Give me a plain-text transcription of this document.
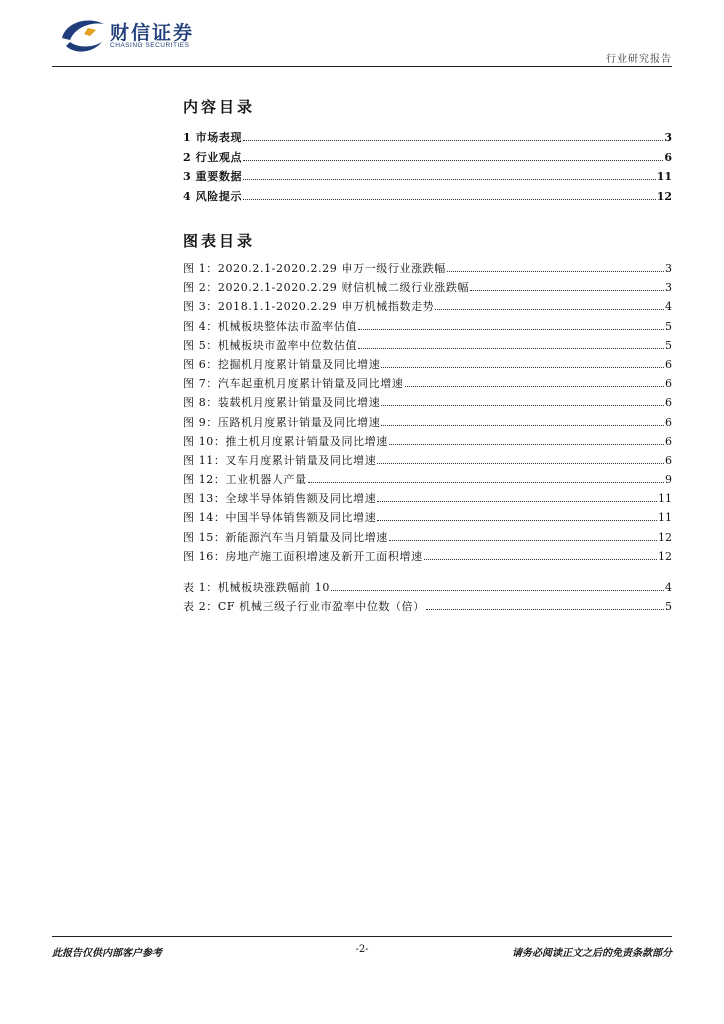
财信证券
CHASING SECURITIES
行业研究报告
内容目录
1 市场表现	3
2 行业观点	6
3 重要数据	11
4 风险提示	12
图表目录
图 1：2020.2.1-2020.2.29 申万一级行业涨跌幅	3
图 2：2020.2.1-2020.2.29 财信机械二级行业涨跌幅	3
图 3：2018.1.1-2020.2.29 申万机械指数走势	4
图 4：机械板块整体法市盈率估值	5
图 5：机械板块市盈率中位数估值	5
图 6：挖掘机月度累计销量及同比增速	6
图 7：汽车起重机月度累计销量及同比增速	6
图 8：装载机月度累计销量及同比增速	6
图 9：压路机月度累计销量及同比增速	6
图 10：推土机月度累计销量及同比增速	6
图 11：叉车月度累计销量及同比增速	6
图 12：工业机器人产量	9
图 13：全球半导体销售额及同比增速	11
图 14：中国半导体销售额及同比增速	11
图 15：新能源汽车当月销量及同比增速	12
图 16：房地产施工面积增速及新开工面积增速	12
表 1：机械板块涨跌幅前 10	4
表 2：CF 机械三级子行业市盈率中位数（倍）	5
此报告仅供内部客户参考	-2-	请务必阅读正文之后的免责条款部分
